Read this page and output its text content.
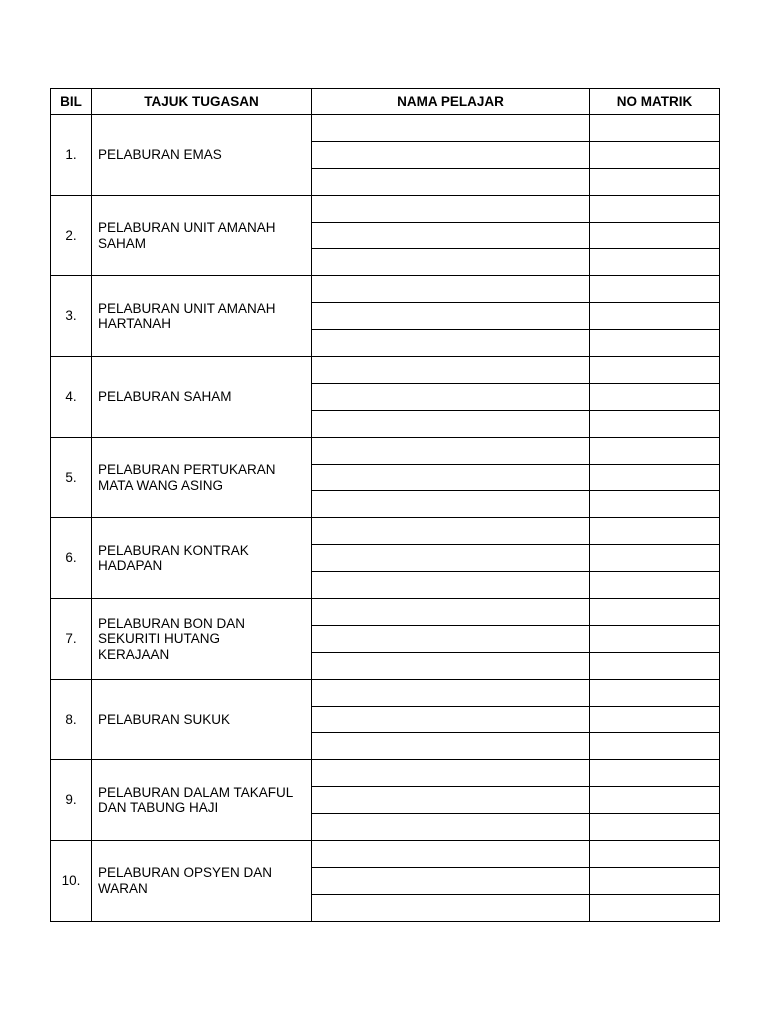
BIL	TAJUK TUGASAN	NAMA PELAJAR	NO MATRIK
1.	PELABURAN EMAS		

2.	PELABURAN UNIT AMANAH
SAHAM		

3.	PELABURAN UNIT AMANAH
HARTANAH		

4.	PELABURAN SAHAM		

5.	PELABURAN PERTUKARAN
MATA WANG ASING		

6.	PELABURAN KONTRAK
HADAPAN		

7.	PELABURAN BON DAN
SEKURITI HUTANG
KERAJAAN		

8.	PELABURAN SUKUK		

9.	PELABURAN DALAM TAKAFUL
DAN TABUNG HAJI		

10.	PELABURAN OPSYEN DAN
WARAN		
